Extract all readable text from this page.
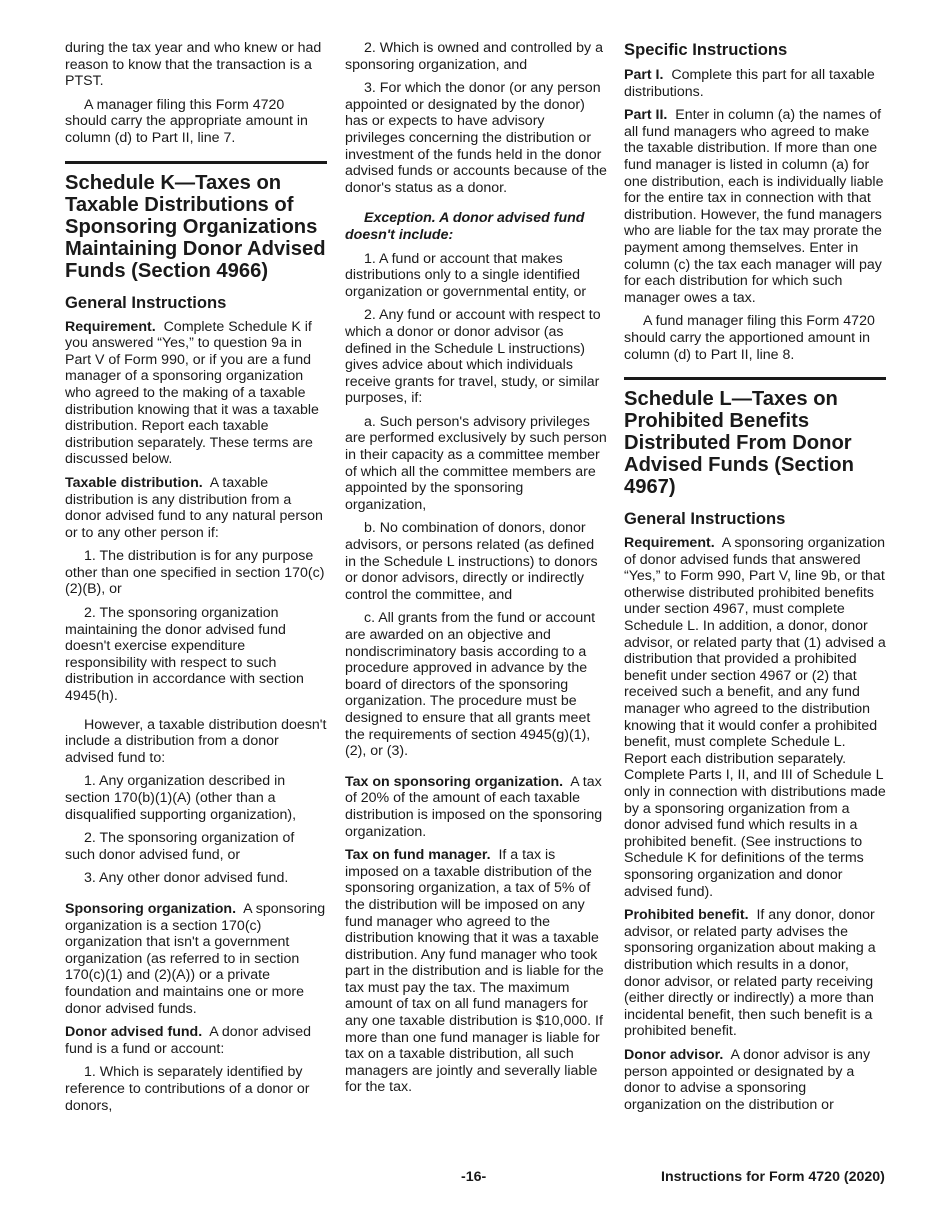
during the tax year and who knew or had reason to know that the transaction is a PTST.

A manager filing this Form 4720 should carry the appropriate amount in column (d) to Part II, line 7.

Schedule K—Taxes on Taxable Distributions of Sponsoring Organizations Maintaining Donor Advised Funds (Section 4966)
General Instructions

Requirement. Complete Schedule K if you answered “Yes,” to question 9a in Part V of Form 990, or if you are a fund manager of a sponsoring organization who agreed to the making of a taxable distribution knowing that it was a taxable distribution. Report each taxable distribution separately. These terms are discussed below.

Taxable distribution. A taxable distribution is any distribution from a donor advised fund to any natural person or to any other person if:

1. The distribution is for any purpose other than one specified in section 170(c)(2)(B), or

2. The sponsoring organization maintaining the donor advised fund doesn't exercise expenditure responsibility with respect to such distribution in accordance with section 4945(h).

However, a taxable distribution doesn't include a distribution from a donor advised fund to:

1. Any organization described in section 170(b)(1)(A) (other than a disqualified supporting organization),

2. The sponsoring organization of such donor advised fund, or

3. Any other donor advised fund.

Sponsoring organization. A sponsoring organization is a section 170(c) organization that isn't a government organization (as referred to in section 170(c)(1) and (2)(A)) or a private foundation and maintains one or more donor advised funds.

Donor advised fund. A donor advised fund is a fund or account:

1. Which is separately identified by reference to contributions of a donor or donors,

2. Which is owned and controlled by a sponsoring organization, and

3. For which the donor (or any person appointed or designated by the donor) has or expects to have advisory privileges concerning the distribution or investment of the funds held in the donor advised funds or accounts because of the donor's status as a donor.

Exception. A donor advised fund doesn't include:

1. A fund or account that makes distributions only to a single identified organization or governmental entity, or

2. Any fund or account with respect to which a donor or donor advisor (as defined in the Schedule L instructions) gives advice about which individuals receive grants for travel, study, or similar purposes, if:

a. Such person's advisory privileges are performed exclusively by such person in their capacity as a committee member of which all the committee members are appointed by the sponsoring organization,

b. No combination of donors, donor advisors, or persons related (as defined in the Schedule L instructions) to donors or donor advisors, directly or indirectly control the committee, and

c. All grants from the fund or account are awarded on an objective and nondiscriminatory basis according to a procedure approved in advance by the board of directors of the sponsoring organization. The procedure must be designed to ensure that all grants meet the requirements of section 4945(g)(1), (2), or (3).

Tax on sponsoring organization. A tax of 20% of the amount of each taxable distribution is imposed on the sponsoring organization.

Tax on fund manager. If a tax is imposed on a taxable distribution of the sponsoring organization, a tax of 5% of the distribution will be imposed on any fund manager who agreed to the distribution knowing that it was a taxable distribution. Any fund manager who took part in the distribution and is liable for the tax must pay the tax. The maximum amount of tax on all fund managers for any one taxable distribution is $10,000. If more than one fund manager is liable for tax on a taxable distribution, all such managers are jointly and severally liable for the tax.

Specific Instructions

Part I. Complete this part for all taxable distributions.

Part II. Enter in column (a) the names of all fund managers who agreed to make the taxable distribution. If more than one fund manager is listed in column (a) for one distribution, each is individually liable for the entire tax in connection with that distribution. However, the fund managers who are liable for the tax may prorate the payment among themselves. Enter in column (c) the tax each manager will pay for each distribution for which such manager owes a tax.

A fund manager filing this Form 4720 should carry the apportioned amount in column (d) to Part II, line 8.

Schedule L—Taxes on Prohibited Benefits Distributed From Donor Advised Funds (Section 4967)
General Instructions

Requirement. A sponsoring organization of donor advised funds that answered “Yes,” to Form 990, Part V, line 9b, or that otherwise distributed prohibited benefits under section 4967, must complete Schedule L. In addition, a donor, donor advisor, or related party that (1) advised a distribution that provided a prohibited benefit under section 4967 or (2) that received such a benefit, and any fund manager who agreed to the distribution knowing that it would confer a prohibited benefit, must complete Schedule L. Report each distribution separately. Complete Parts I, II, and III of Schedule L only in connection with distributions made by a sponsoring organization from a donor advised fund which results in a prohibited benefit. (See instructions to Schedule K for definitions of the terms sponsoring organization and donor advised fund).

Prohibited benefit. If any donor, donor advisor, or related party advises the sponsoring organization about making a distribution which results in a donor, donor advisor, or related party receiving (either directly or indirectly) a more than incidental benefit, then such benefit is a prohibited benefit.

Donor advisor. A donor advisor is any person appointed or designated by a donor to advise a sponsoring organization on the distribution or

-16-	Instructions for Form 4720 (2020)
